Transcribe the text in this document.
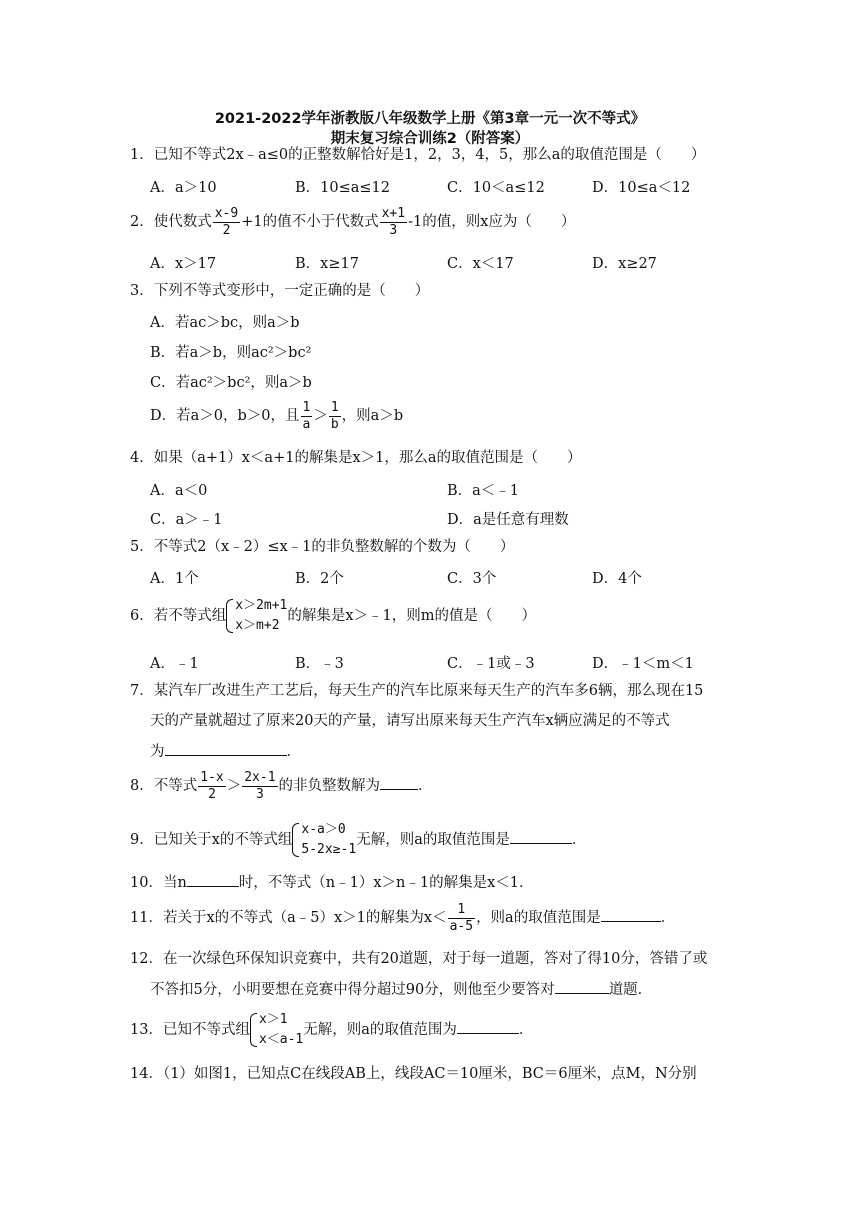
2021-2022学年浙教版八年级数学上册《第3章一元一次不等式》
期末复习综合训练2（附答案）
1．已知不等式2x﹣a≤0的正整数解恰好是1，2，3，4，5，那么a的取值范围是（　　）
A．a＞10	B．10≤a≤12	C．10＜a≤12	D．10≤a＜12
2．使代数式 $\frac{x-9}{2} +1$的值不小于代数式 $\frac{x+1}{3} -1$的值，则x应为（　　）
A．x＞17	B．x≥17	C．x＜17	D．x≥27
3．下列不等式变形中，一定正确的是（　　）
A．若ac＞bc，则a＞b
B．若a＞b，则ac²＞bc²
C．若ac²＞bc²，则a＞b
D．若a＞0，b＞0，且 $\frac{1}{a} > \frac{1}{b}$ ，则a＞b
4．如果（a+1）x＜a+1的解集是x＞1，那么a的取值范围是（　　）
A．a＜0	B．a＜﹣1
C．a＞﹣1	D．a是任意有理数
5．不等式2（x﹣2）≤x﹣1的非负整数解的个数为（　　）
A．1个	B．2个	C．3个	D．4个
6．若不等式组
x＞2m+1
x＞m+2
的解集是x＞﹣1，则m的值是（　　）
A．﹣1	B．﹣3	C．﹣1或﹣3	D．﹣1＜m＜1
7．某汽车厂改进生产工艺后，每天生产的汽车比原来每天生产的汽车多6辆，那么现在15
天的产量就超过了原来20天的产量，请写出原来每天生产汽车x辆应满足的不等式
为	．
8．不等式 $\frac{1-x}{2} > \frac{2x-1}{3}$ 的非负整数解为	．
9．已知关于x的不等式组
x-a＞0
5-2x≥-1
无解，则a的取值范围是	．
10．当n	时，不等式（n﹣1）x＞n﹣1的解集是x＜1．
11．若关于x的不等式（a﹣5）x＞1的解集为$x< \frac{1}{a-5}$ ，则a的取值范围是	．
12．在一次绿色环保知识竞赛中，共有20道题，对于每一道题，答对了得10分，答错了或
不答扣5分，小明要想在竞赛中得分超过90分，则他至少要答对	道题．
13．已知不等式组
x＞1
x＜a-1
无解，则a的取值范围为	．
14．（1）如图1，已知点C在线段AB上，线段AC＝10厘米，BC＝6厘米，点M，N分别
